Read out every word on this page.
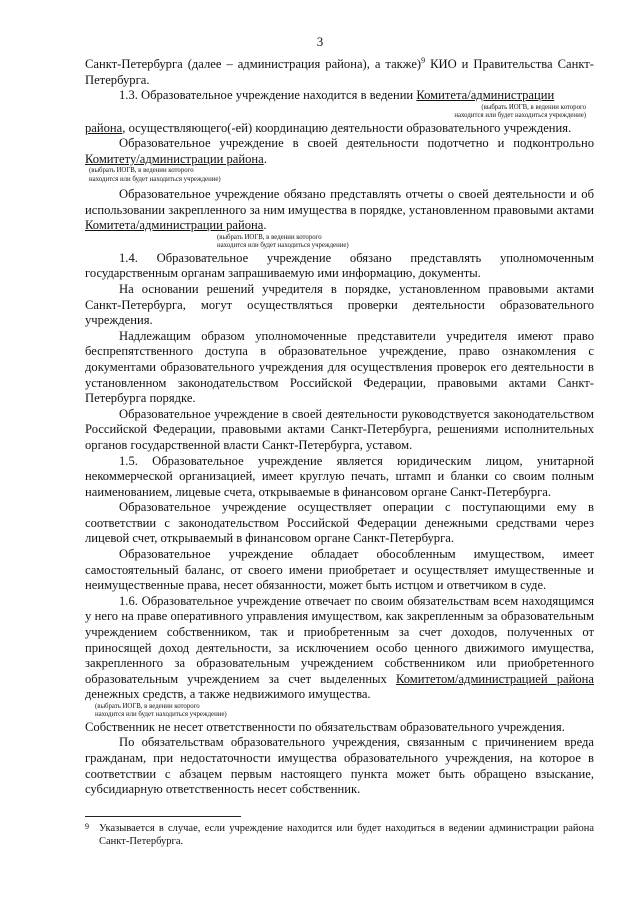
3

Санкт-Петербурга (далее – администрация района), а также)$^9$ КИО и Правительства Санкт-Петербурга.

1.3. Образовательное учреждение находится в ведении Комитета/администрации

(выбрать ИОГВ, в ведении которого
находится или будет находиться учреждение)

района, осуществляющего(-ей) координацию деятельности образовательного учреждения.

Образовательное учреждение в своей деятельности подотчетно и подконтрольно Комитету/администрации района.

(выбрать ИОГВ, в ведении которого
находится или будет находиться учреждение)

Образовательное учреждение обязано представлять отчеты о своей деятельности и об использовании закрепленного за ним имущества в порядке, установленном правовыми актами Комитета/администрации района.

(выбрать ИОГВ, в ведении которого
находится или будет находиться учреждение)

1.4. Образовательное учреждение обязано представлять уполномоченным государственным органам запрашиваемую ими информацию, документы.

На основании решений учредителя в порядке, установленном правовыми актами Санкт-Петербурга, могут осуществляться проверки деятельности образовательного учреждения.

Надлежащим образом уполномоченные представители учредителя имеют право беспрепятственного доступа в образовательное учреждение, право ознакомления с документами образовательного учреждения для осуществления проверок его деятельности в установленном законодательством Российской Федерации, правовыми актами Санкт-Петербурга порядке.

Образовательное учреждение в своей деятельности руководствуется законодательством Российской Федерации, правовыми актами Санкт-Петербурга, решениями исполнительных органов государственной власти Санкт-Петербурга, уставом.

1.5. Образовательное учреждение является юридическим лицом, унитарной некоммерческой организацией, имеет круглую печать, штамп и бланки со своим полным наименованием, лицевые счета, открываемые в финансовом органе Санкт-Петербурга.

Образовательное учреждение осуществляет операции с поступающими ему в соответствии с законодательством Российской Федерации денежными средствами через лицевой счет, открываемый в финансовом органе Санкт-Петербурга.

Образовательное учреждение обладает обособленным имуществом, имеет самостоятельный баланс, от своего имени приобретает и осуществляет имущественные и неимущественные права, несет обязанности, может быть истцом и ответчиком в суде.

1.6. Образовательное учреждение отвечает по своим обязательствам всем находящимся у него на праве оперативного управления имуществом, как закрепленным за образовательным учреждением собственником, так и приобретенным за счет доходов, полученных от приносящей доход деятельности, за исключением особо ценного движимого имущества, закрепленного за образовательным учреждением собственником или приобретенного образовательным учреждением за счет выделенных Комитетом/администрацией района денежных средств, а также недвижимого имущества.

(выбрать ИОГВ, в ведении которого
находится или будет находиться учреждение)

Собственник не несет ответственности по обязательствам образовательного учреждения.

По обязательствам образовательного учреждения, связанным с причинением вреда гражданам, при недостаточности имущества образовательного учреждения, на которое в соответствии с абзацем первым настоящего пункта может быть обращено взыскание, субсидиарную ответственность несет собственник.

9 Указывается в случае, если учреждение находится или будет находиться в ведении администрации района Санкт-Петербурга.
